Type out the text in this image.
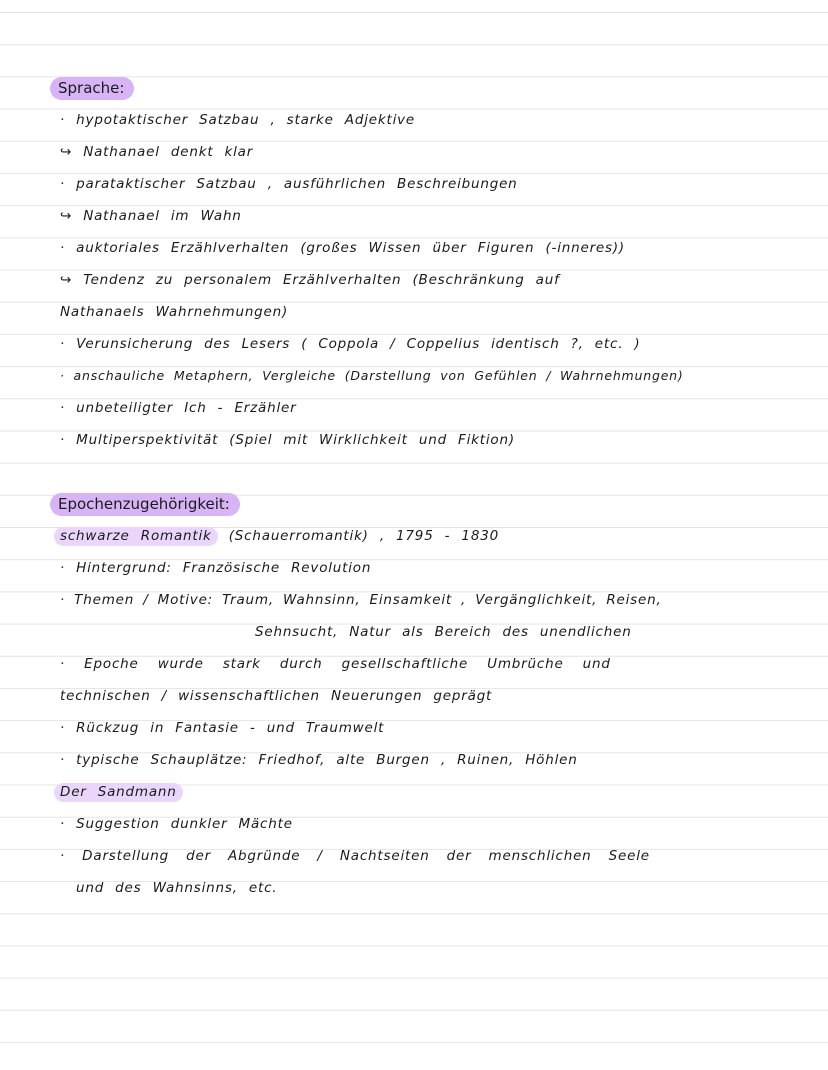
Sprache:
· hypotaktischer Satzbau , starke Adjektive
↪ Nathanael denkt klar
· parataktischer Satzbau , ausführlichen Beschreibungen
↪ Nathanael im Wahn
· auktoriales Erzählverhalten (großes Wissen über Figuren (-inneres))
↪ Tendenz zu personalem Erzählverhalten (Beschränkung auf
Nathanaels Wahrnehmungen)
· Verunsicherung des Lesers ( Coppola / Coppelius identisch ?, etc. )
· anschauliche Metaphern, Vergleiche (Darstellung von Gefühlen / Wahrnehmungen)
· unbeteiligter Ich - Erzähler
· Multiperspektivität (Spiel mit Wirklichkeit und Fiktion)
Epochenzugehörigkeit:
schwarze Romantik (Schauerromantik) , 1795 - 1830
· Hintergrund: Französische Revolution
· Themen / Motive: Traum, Wahnsinn, Einsamkeit , Vergänglichkeit, Reisen,
Sehnsucht, Natur als Bereich des unendlichen
· Epoche wurde stark durch gesellschaftliche Umbrüche und
technischen / wissenschaftlichen Neuerungen geprägt
· Rückzug in Fantasie - und Traumwelt
· typische Schauplätze: Friedhof, alte Burgen , Ruinen, Höhlen
Der Sandmann
· Suggestion dunkler Mächte
· Darstellung der Abgründe / Nachtseiten der menschlichen Seele
und des Wahnsinns, etc.
